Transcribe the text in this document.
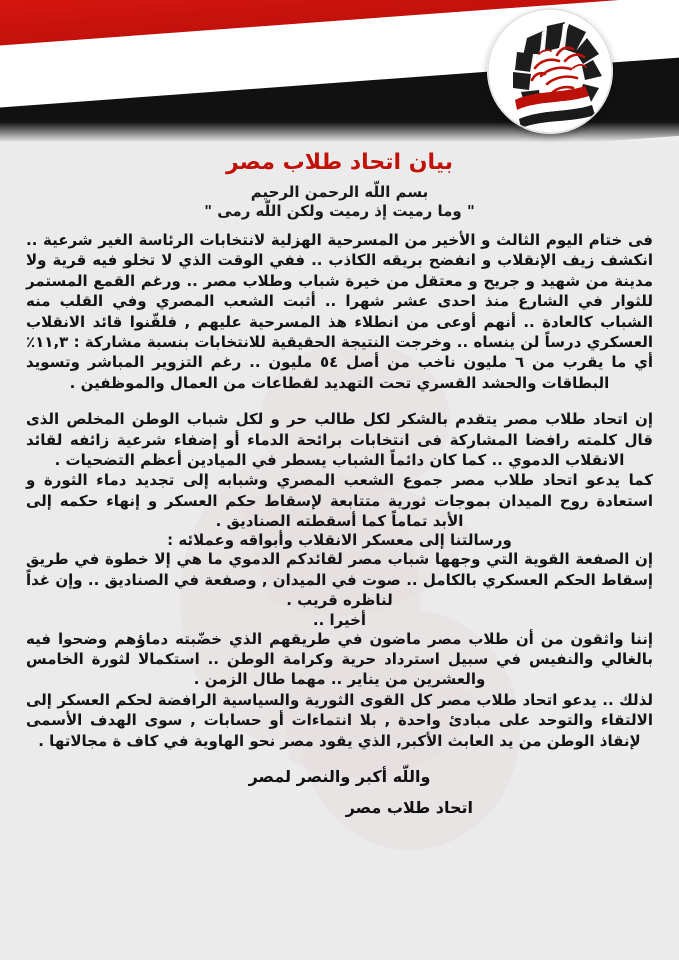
بيان اتحاد طلاب مصر
بسم اللّه الرحمن الرحيم
" وما رميت إذ رميت ولكن اللّه رمى "

فى ختام اليوم الثالث و الأخير من المسرحية الهزلية لانتخابات الرئاسة الغير شرعية .. انكشف زيف الإنقلاب و انفضح بريقه الكاذب .. ففي الوقت الذي لا تخلو فيه قرية ولا مدينة من شهيد و جريح و معتقل من خيرة شباب وطلاب مصر .. ورغم القمع المستمر للثوار في الشارع منذ احدى عشر شهرا .. أثبت الشعب المصري وفي القلب منه الشباب كالعادة .. أنهم أوعى من انطلاء هذ المسرحية عليهم , فلقّنوا قائد الانقلاب العسكري درساً لن ينساه .. وخرجت النتيجة الحقيقية للانتخابات بنسبة مشاركة : ١١,٣٪ أي ما يقرب من ٦ مليون ناخب من أصل ٥٤ مليون .. رغم التزوير المباشر وتسويد البطاقات والحشد القسري تحت التهديد لقطاعات من العمال والموظفين .

إن اتحاد طلاب مصر يتقدم بالشكر لكل طالب حر و لكل شباب الوطن المخلص الذى قال كلمته رافضا المشاركة فى انتخابات برائحة الدماء أو إضفاء شرعية زائفه لقائد الانقلاب الدموي .. كما كان دائماً الشباب يسطر في الميادين أعظم التضحيات .

كما يدعو اتحاد طلاب مصر جموع الشعب المصري وشبابه إلى تجديد دماء الثورة و استعادة روح الميدان بموجات ثورية متتابعة لإسقاط حكم العسكر و إنهاء حكمه إلى الأبد تماماً كما أسقطته الصناديق .

ورسالتنا إلى معسكر الانقلاب وأبواقه وعملائه :

إن الصفعة القوية التي وجهها شباب مصر لقائدكم الدموي ما هي إلا خطوة في طريق إسقاط الحكم العسكري بالكامل .. صوت في الميدان , وصفعة في الصناديق .. وإن غداً لناظره قريب .

أخيرا ..

إننا واثقون من أن طلاب مصر ماضون في طريقهم الذي خضّبته دماؤهم وضحوا فيه بالغالي والنفيس في سبيل استرداد حرية وكرامة الوطن .. استكمالا لثورة الخامس والعشرين من يناير .. مهما طال الزمن .

لذلك .. يدعو اتحاد طلاب مصر كل القوى الثورية والسياسية الرافضة لحكم العسكر إلى الالتقاء والتوحد على مبادئ واحدة , بلا انتماءات أو حسابات , سوى الهدف الأسمى لإنقاذ الوطن من يد العابث الأكبر, الذي يقود مصر نحو الهاوية في كاف ة مجالاتها .

واللّه أكبر والنصر لمصر
اتحاد طلاب مصر
